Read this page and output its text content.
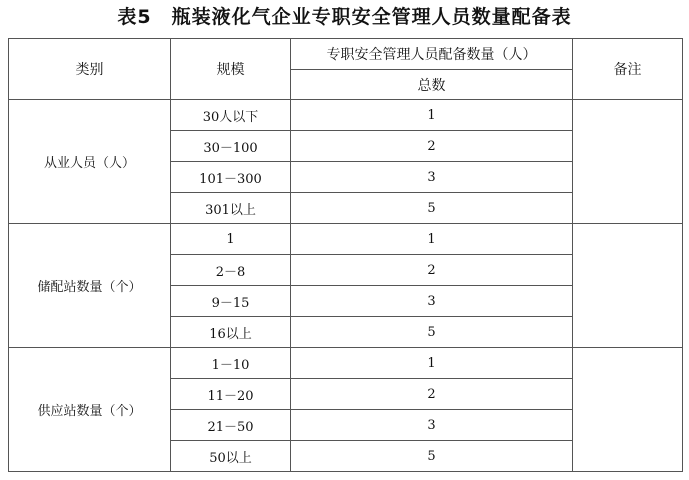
表5　瓶装液化气企业专职安全管理人员数量配备表
类别	规模	专职安全管理人员配备数量（人）	备注
		总数	
从业人员（人）	30人以下	1	
	30－100	2	
	101－300	3	
	301以上	5	
储配站数量（个）	1	1	
	2－8	2	
	9－15	3	
	16以上	5	
供应站数量（个）	1－10	1	
	11－20	2	
	21－50	3	
	50以上	5	
